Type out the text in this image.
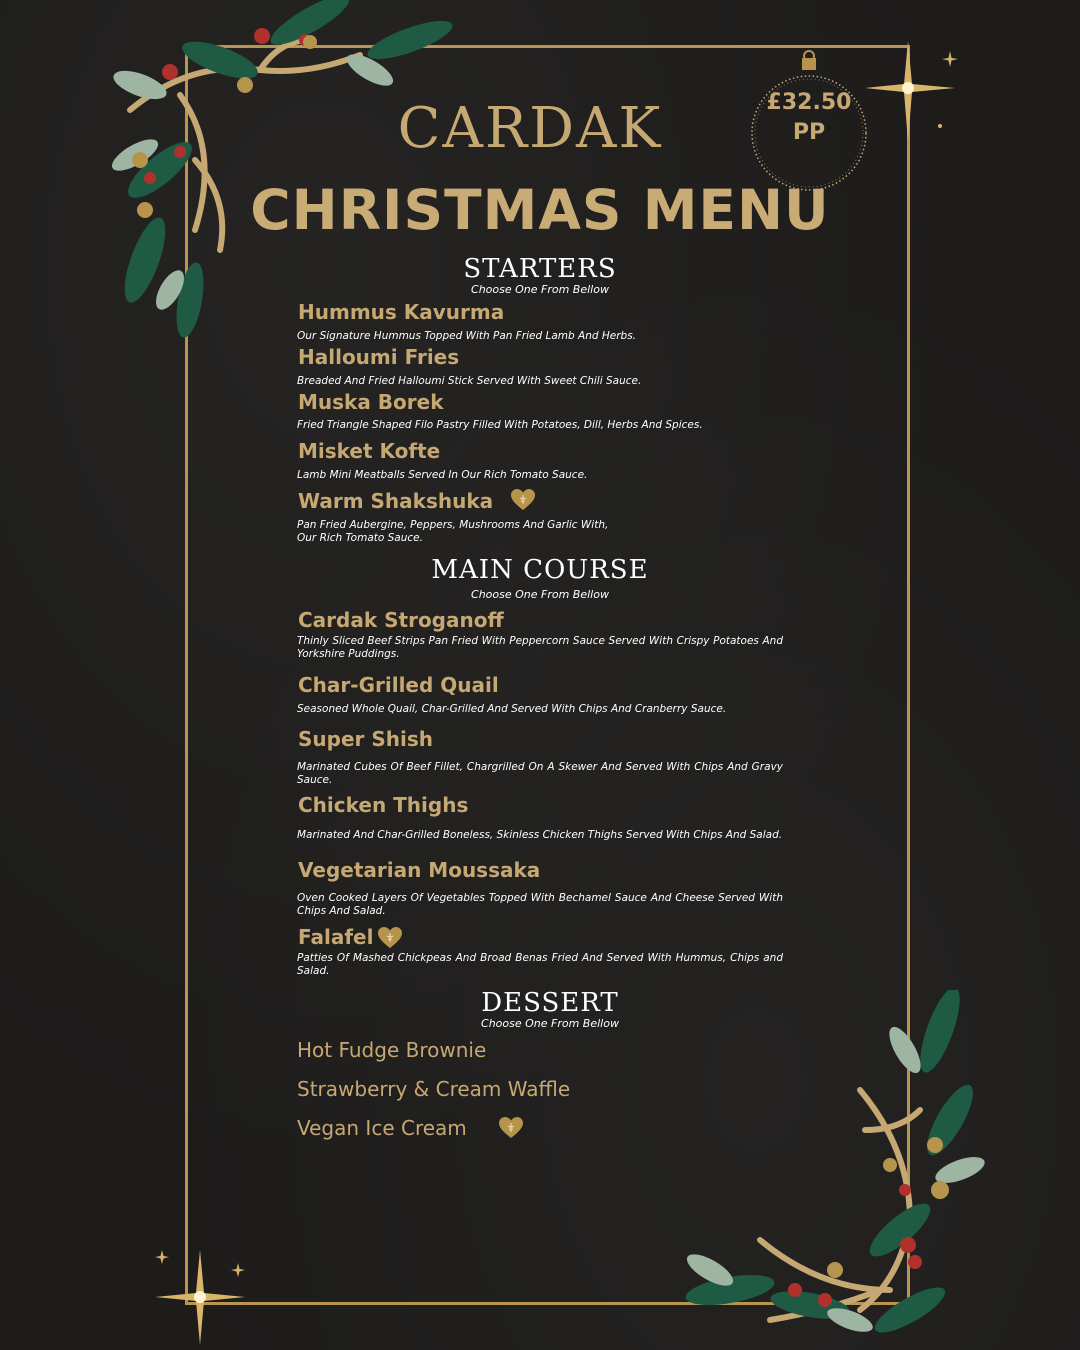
£32.50
PP
CARDAK
CHRISTMAS MENU
STARTERS
Choose One From Bellow
Hummus Kavurma
Our Signature Hummus Topped With Pan Fried Lamb And Herbs.
Halloumi Fries
Breaded And Fried Halloumi Stick Served With Sweet Chili Sauce.
Muska Borek
Fried Triangle Shaped Filo Pastry Filled With Potatoes, Dill, Herbs And Spices.
Misket Kofte
Lamb Mini Meatballs Served In Our Rich Tomato Sauce.
Warm Shakshuka
Pan Fried Aubergine, Peppers, Mushrooms And Garlic With,
Our Rich Tomato Sauce.
MAIN COURSE
Choose One From Bellow
Cardak Stroganoff
Thinly Sliced Beef Strips Pan Fried With Peppercorn Sauce Served With Crispy Potatoes And Yorkshire Puddings.
Char-Grilled Quail
Seasoned Whole Quail, Char-Grilled And Served With Chips And Cranberry Sauce.
Super Shish
Marinated Cubes Of Beef Fillet, Chargrilled On A Skewer And Served With Chips And Gravy Sauce.
Chicken Thighs
Marinated And Char-Grilled Boneless, Skinless Chicken Thighs Served With Chips And Salad.
Vegetarian Moussaka
Oven Cooked Layers Of Vegetables Topped With Bechamel Sauce And Cheese Served With Chips And Salad.
Falafel
Patties Of Mashed Chickpeas And Broad Benas Fried And Served With Hummus, Chips and Salad.
DESSERT
Choose One From Bellow
Hot Fudge Brownie
Strawberry & Cream Waffle
Vegan Ice Cream
